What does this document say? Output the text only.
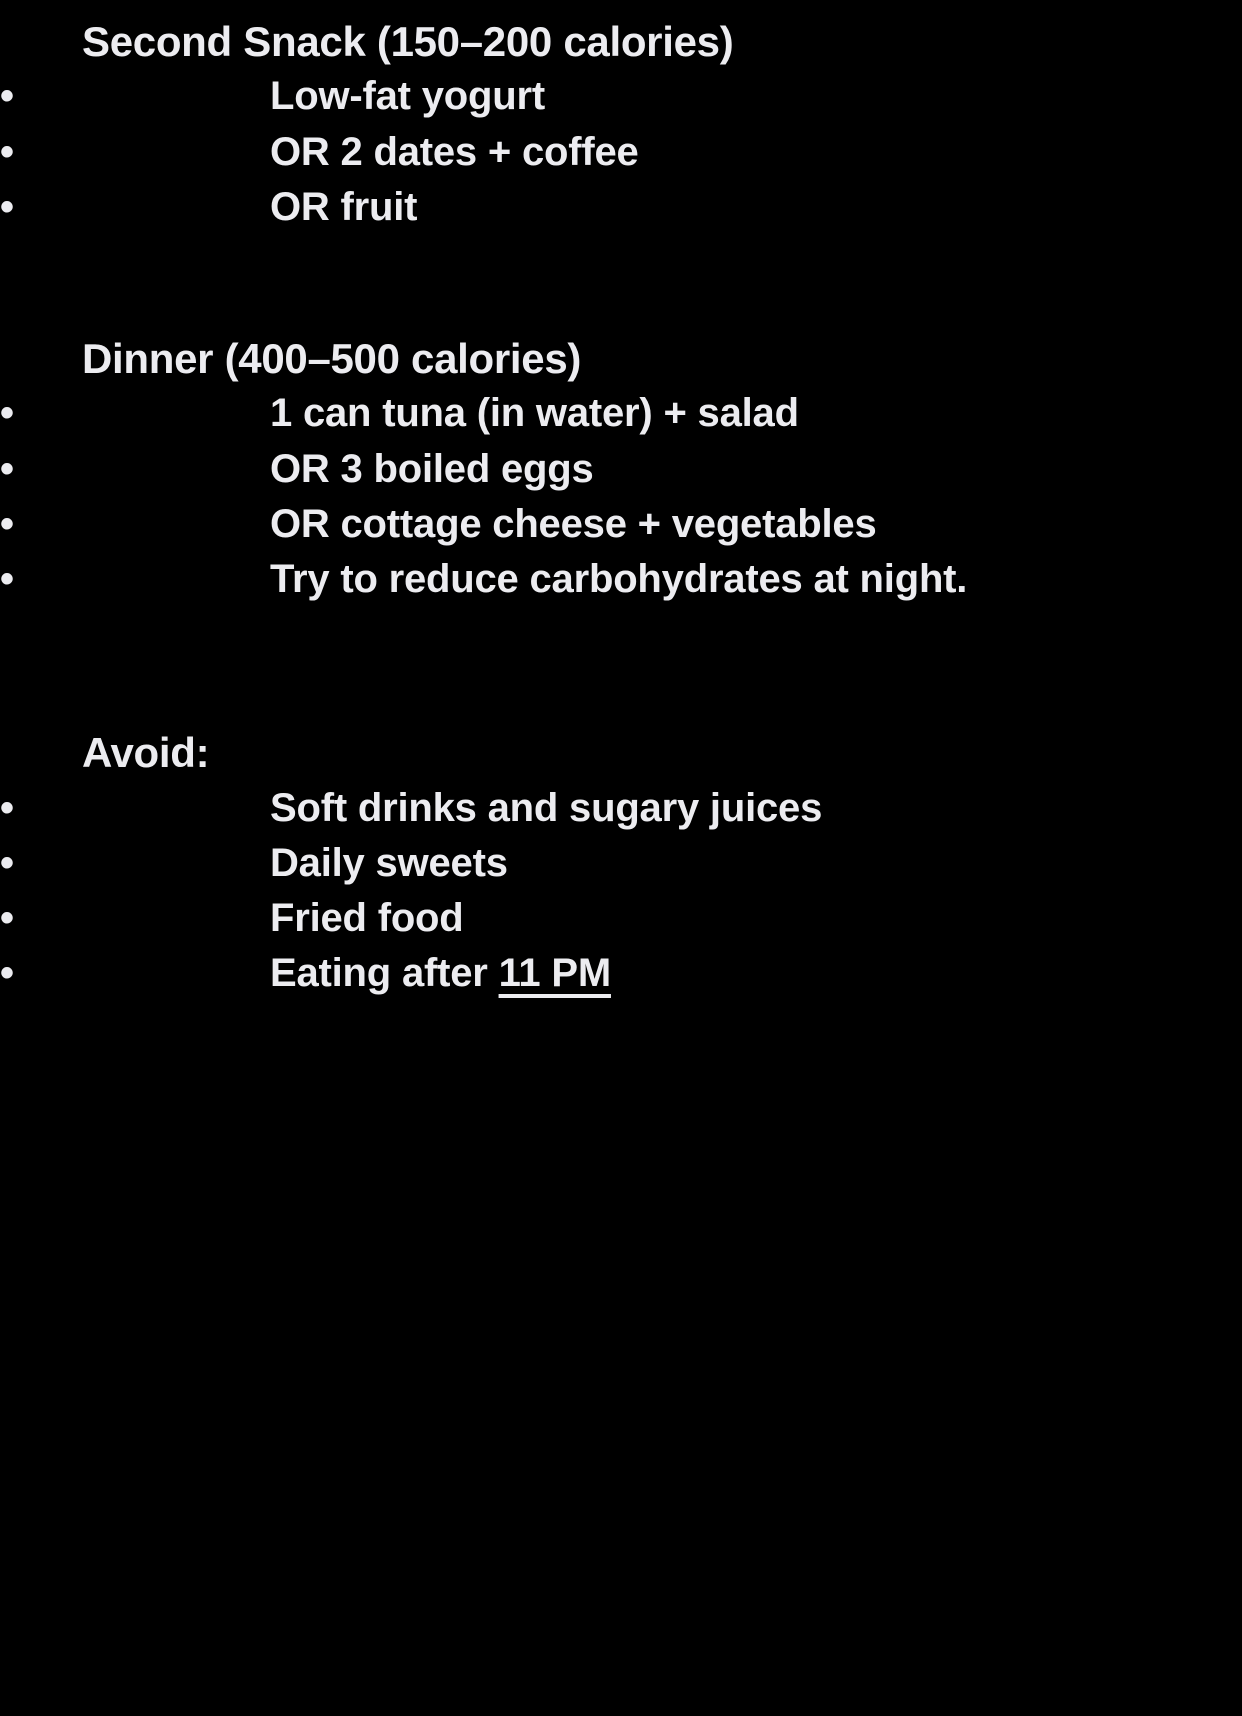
Second Snack (150–200 calories)
•	Low-fat yogurt
•	OR 2 dates + coffee
•	OR fruit
Dinner (400–500 calories)
•	1 can tuna (in water) + salad
•	OR 3 boiled eggs
•	OR cottage cheese + vegetables
•	Try to reduce carbohydrates at night.
Avoid:
•	Soft drinks and sugary juices
•	Daily sweets
•	Fried food
•	Eating after 11 PM
